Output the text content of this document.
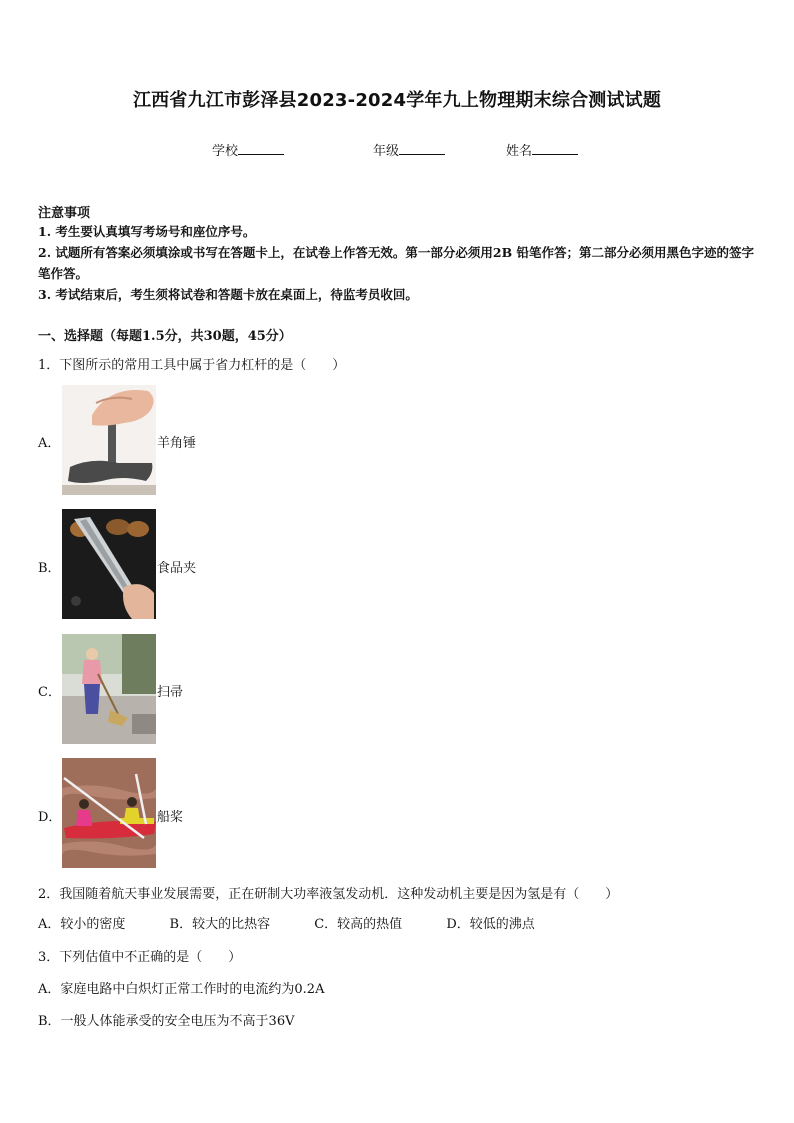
江西省九江市彭泽县2023-2024学年九上物理期末综合测试试题
学校	年级	姓名
注意事项
1. 考生要认真填写考场号和座位序号。
2. 试题所有答案必须填涂或书写在答题卡上，在试卷上作答无效。第一部分必须用2B 铅笔作答；第二部分必须用黑色字迹的签字笔作答。
3. 考试结束后，考生须将试卷和答题卡放在桌面上，待监考员收回。
一、选择题（每题1.5分，共30题，45分）
1．下图所示的常用工具中属于省力杠杆的是（　　）
A．	羊角锤
B．	食品夹
C．	扫帚
D．	船桨
2．我国随着航天事业发展需要，正在研制大功率液氢发动机．这种发动机主要是因为氢是有（　　）
A．较小的密度	B．较大的比热容	C．较高的热值	D．较低的沸点
3．下列估值中不正确的是（　　）
A．家庭电路中白炽灯正常工作时的电流约为0.2A
B．一般人体能承受的安全电压为不高于36V
